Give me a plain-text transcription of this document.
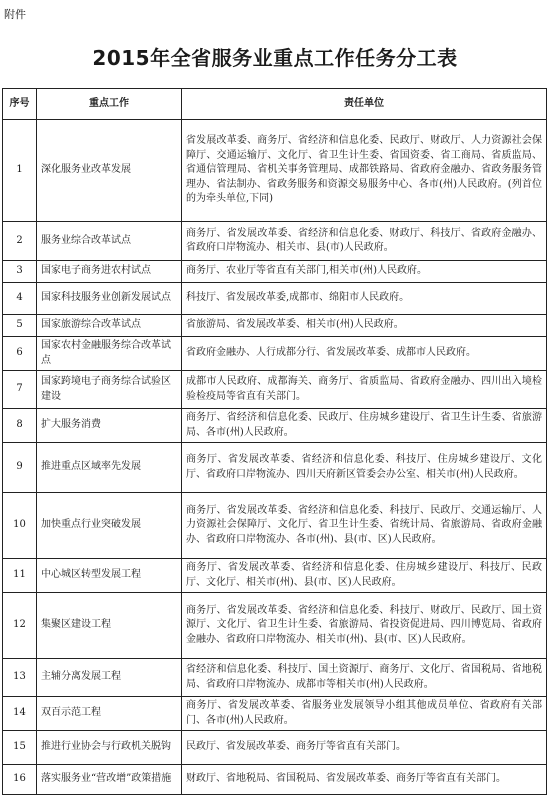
附件
2015年全省服务业重点工作任务分工表
序号	重点工作	责任单位
1	深化服务业改革发展	省发展改革委、商务厅、省经济和信息化委、民政厅、财政厅、人力资源社会保障厅、交通运输厅、文化厅、省卫生计生委、省国资委、省工商局、省质监局、省通信管理局、省机关事务管理局、成都铁路局、省政府金融办、省政务服务管理办、省法制办、省政务服务和资源交易服务中心、各市(州)人民政府。(列首位的为牵头单位,下同)
2	服务业综合改革试点	商务厅、省发展改革委、省经济和信息化委、财政厅、科技厅、省政府金融办、省政府口岸物流办、相关市、县(市)人民政府。
3	国家电子商务进农村试点	商务厅、农业厅等省直有关部门,相关市(州)人民政府。
4	国家科技服务业创新发展试点	科技厅、省发展改革委,成都市、绵阳市人民政府。
5	国家旅游综合改革试点	省旅游局、省发展改革委、相关市(州)人民政府。
6	国家农村金融服务综合改革试点	省政府金融办、人行成都分行、省发展改革委、成都市人民政府。
7	国家跨境电子商务综合试验区建设	成都市人民政府、成都海关、商务厅、省质监局、省政府金融办、四川出入境检验检疫局等省直有关部门。
8	扩大服务消费	商务厅、省经济和信息化委、民政厅、住房城乡建设厅、省卫生计生委、省旅游局、各市(州)人民政府。
9	推进重点区域率先发展	商务厅、省发展改革委、省经济和信息化委、科技厅、住房城乡建设厅、文化厅、省政府口岸物流办、四川天府新区管委会办公室、相关市(州)人民政府。
10	加快重点行业突破发展	商务厅、省发展改革委、省经济和信息化委、科技厅、民政厅、交通运输厅、人力资源社会保障厅、文化厅、省卫生计生委、省统计局、省旅游局、省政府金融办、省政府口岸物流办、各市(州)、县(市、区)人民政府。
11	中心城区转型发展工程	商务厅、省发展改革委、省经济和信息化委、住房城乡建设厅、科技厅、民政厅、文化厅、相关市(州)、县(市、区)人民政府。
12	集聚区建设工程	商务厅、省发展改革委、省经济和信息化委、科技厅、财政厅、民政厅、国土资源厅、文化厅、省卫生计生委、省旅游局、省投资促进局、四川博览局、省政府金融办、省政府口岸物流办、相关市(州)、县(市、区)人民政府。
13	主辅分离发展工程	省经济和信息化委、科技厅、国土资源厅、商务厅、文化厅、省国税局、省地税局、省政府口岸物流办、成都市等相关市(州)人民政府。
14	双百示范工程	商务厅、省发展改革委、省服务业发展领导小组其他成员单位、省政府有关部门、各市(州)人民政府。
15	推进行业协会与行政机关脱钩	民政厅、省发展改革委、商务厅等省直有关部门。
16	落实服务业“营改增”政策措施	财政厅、省地税局、省国税局、省发展改革委、商务厅等省直有关部门。
